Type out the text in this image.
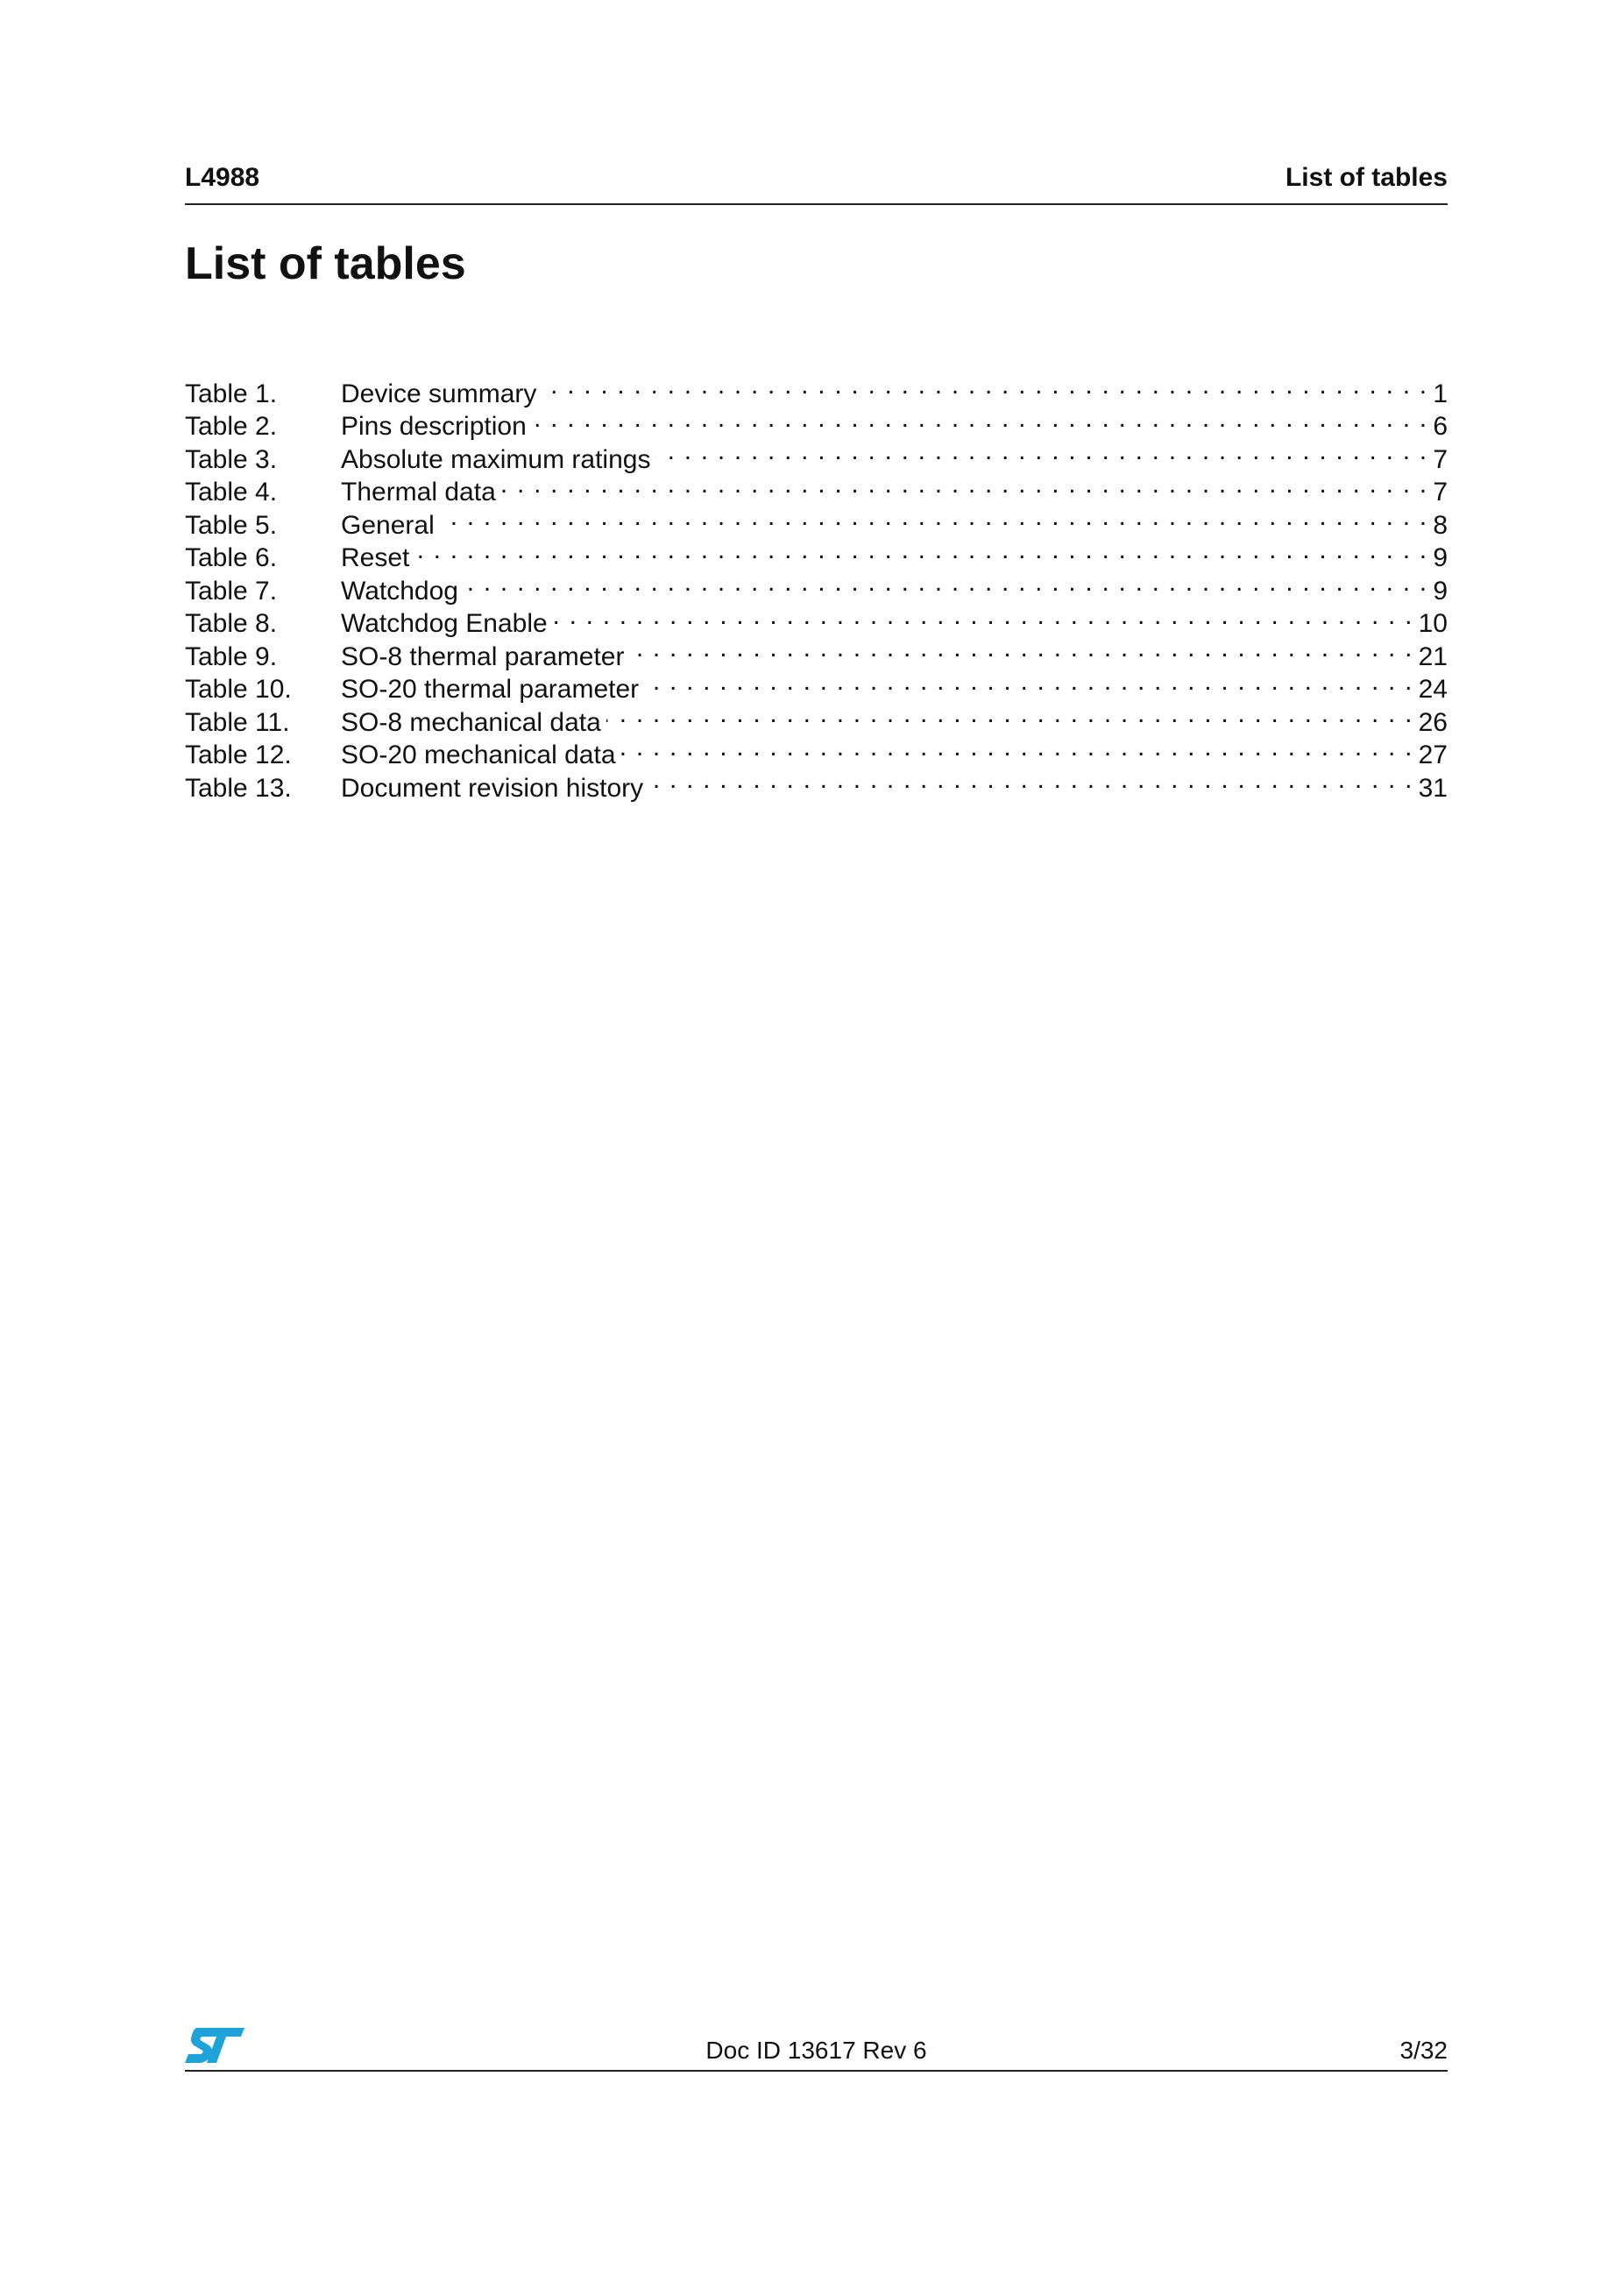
L4988	List of tables
List of tables
Table 1.	Device summary . . .	1
Table 2.	Pins description . . .	6
Table 3.	Absolute maximum ratings . . .	7
Table 4.	Thermal data . . .	7
Table 5.	General . . .	8
Table 6.	Reset . . .	9
Table 7.	Watchdog . . .	9
Table 8.	Watchdog Enable . . .	10
Table 9.	SO-8 thermal parameter . . .	21
Table 10.	SO-20 thermal parameter . . .	24
Table 11.	SO-8 mechanical data . . .	26
Table 12.	SO-20 mechanical data . . .	27
Table 13.	Document revision history . . .	31
Doc ID 13617 Rev 6	3/32
